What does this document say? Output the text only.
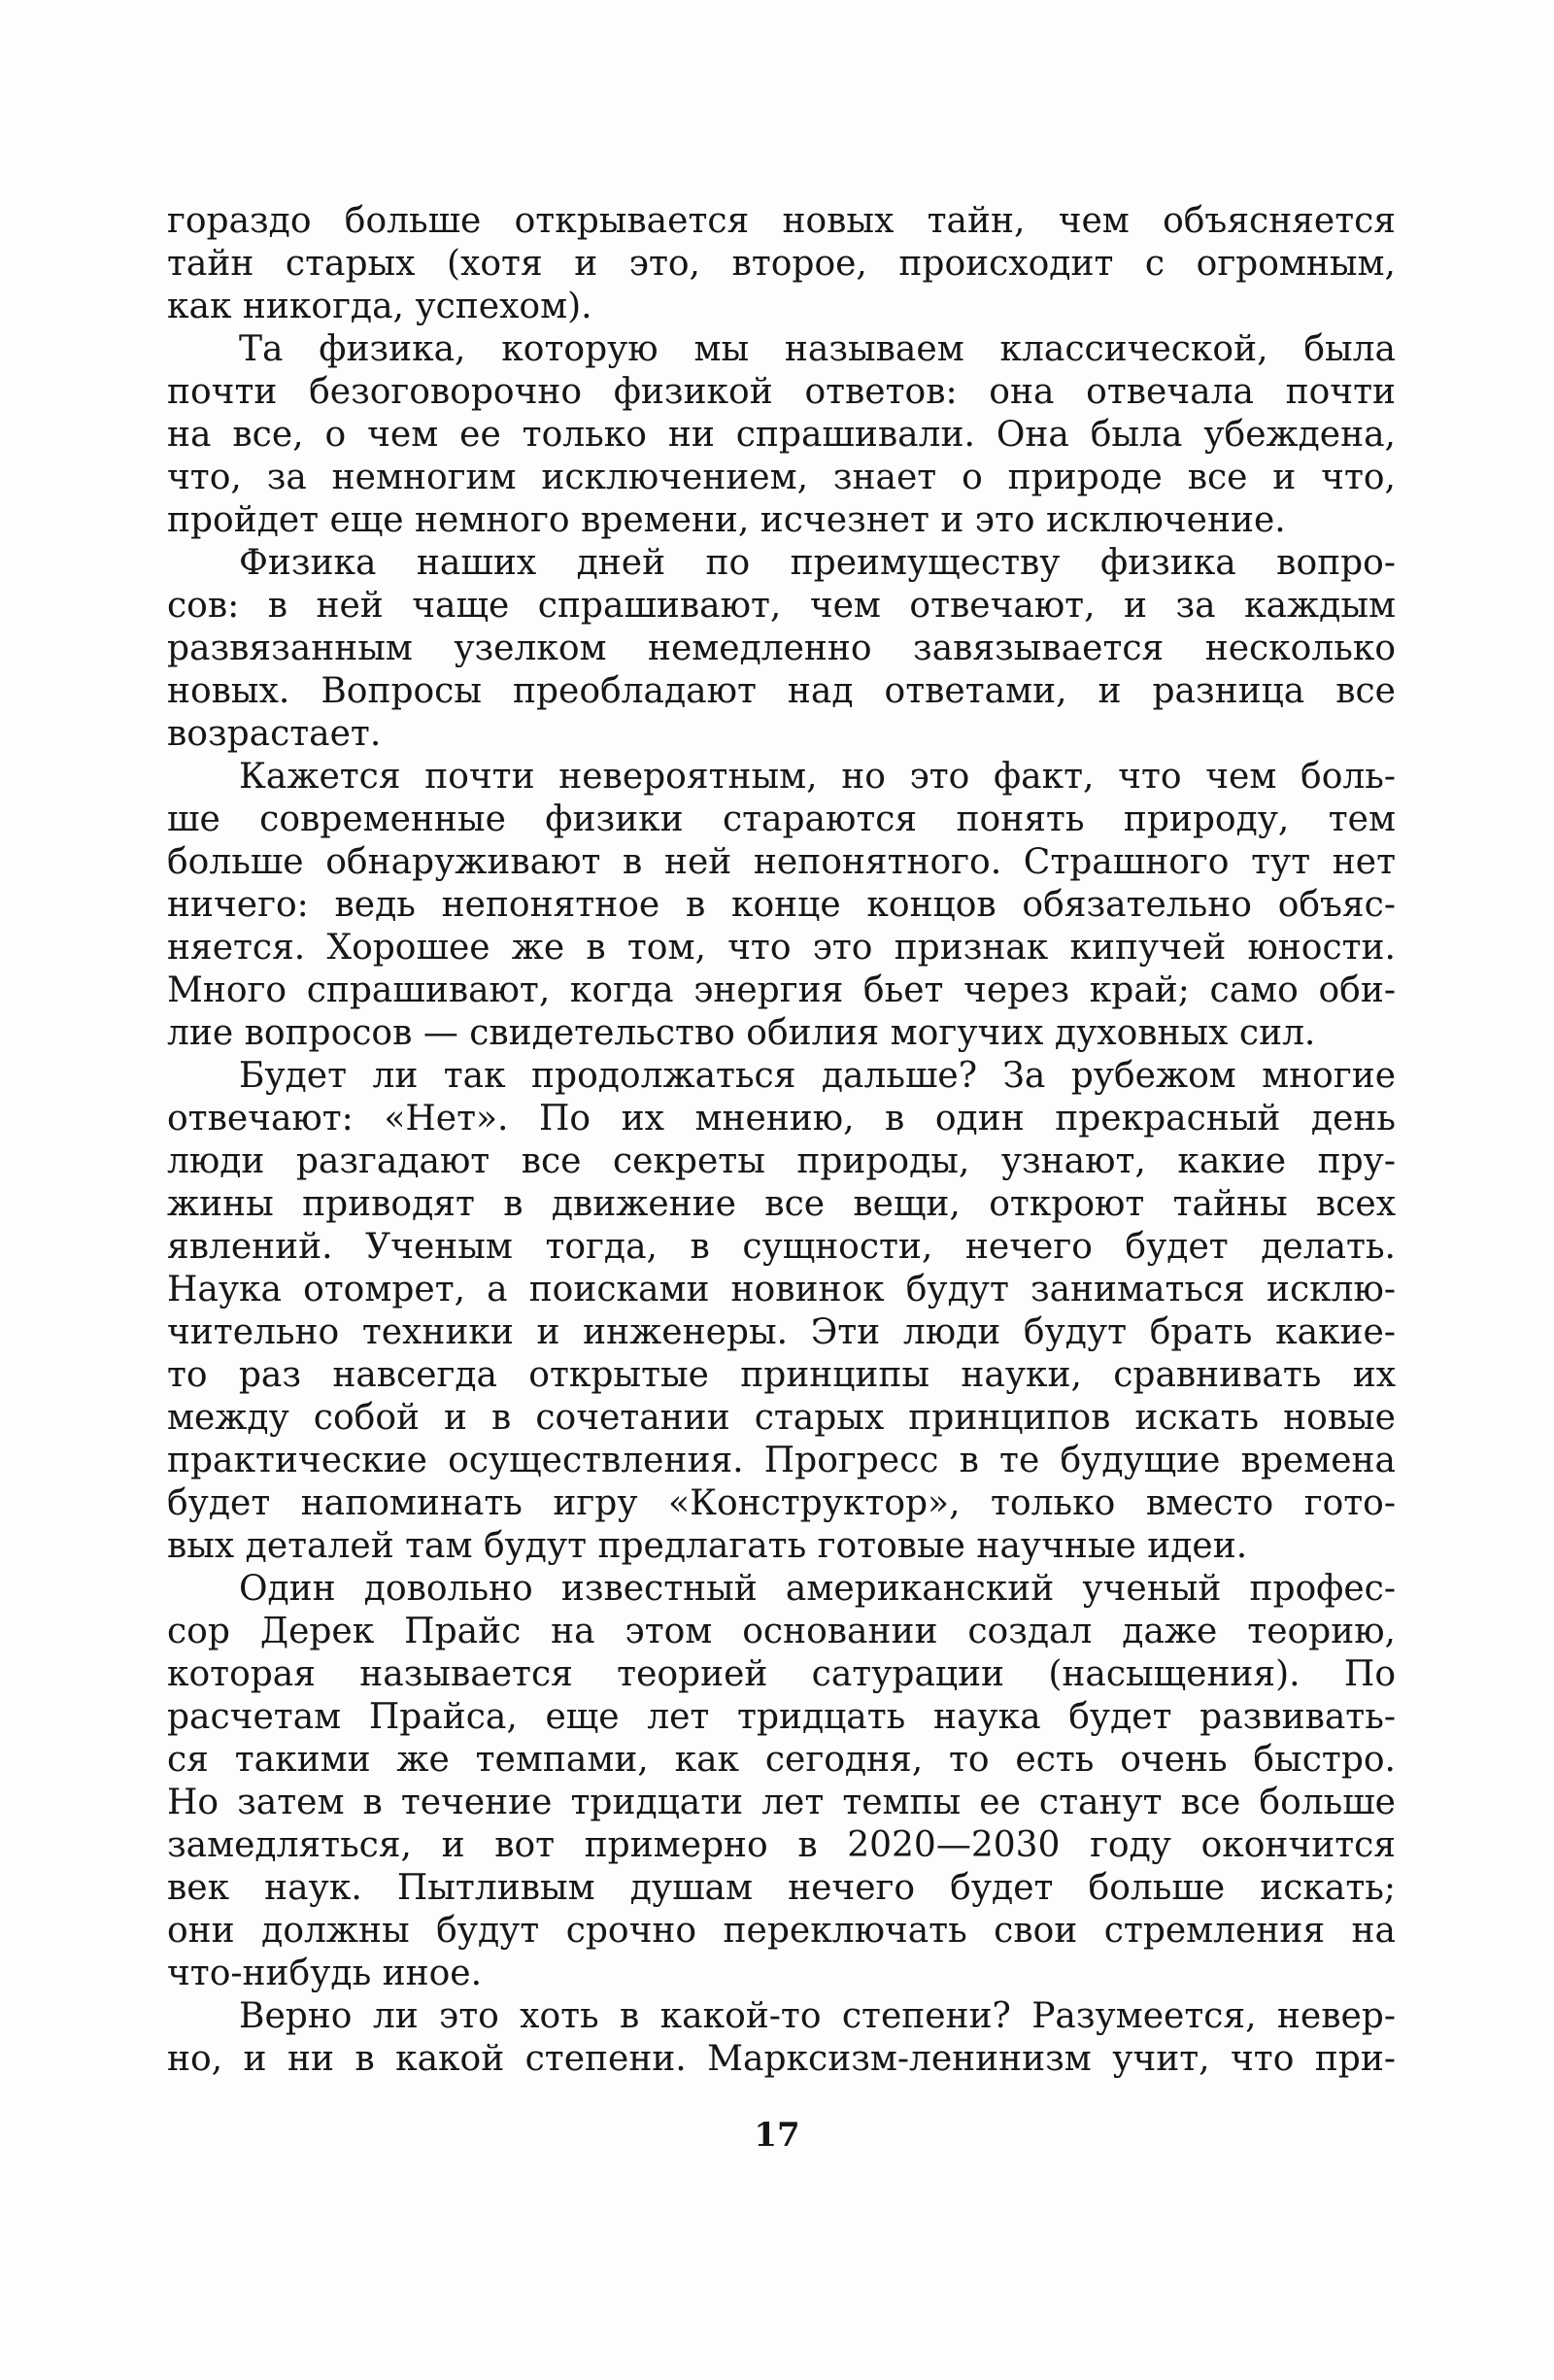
гораздо больше открывается новых тайн, чем объясняется
тайн старых (хотя и это, второе, происходит с огромным,
как никогда, успехом).
Та физика, которую мы называем классической, была
почти безоговорочно физикой ответов: она отвечала почти
на все, о чем ее только ни спрашивали. Она была убеждена,
что, за немногим исключением, знает о природе все и что,
пройдет еще немного времени, исчезнет и это исключение.
Физика наших дней по преимуществу физика вопро-
сов: в ней чаще спрашивают, чем отвечают, и за каждым
развязанным узелком немедленно завязывается несколько
новых. Вопросы преобладают над ответами, и разница все
возрастает.
Кажется почти невероятным, но это факт, что чем боль-
ше современные физики стараются понять природу, тем
больше обнаруживают в ней непонятного. Страшного тут нет
ничего: ведь непонятное в конце концов обязательно объяс-
няется. Хорошее же в том, что это признак кипучей юности.
Много спрашивают, когда энергия бьет через край; само оби-
лие вопросов — свидетельство обилия могучих духовных сил.
Будет ли так продолжаться дальше? За рубежом многие
отвечают: «Нет». По их мнению, в один прекрасный день
люди разгадают все секреты природы, узнают, какие пру-
жины приводят в движение все вещи, откроют тайны всех
явлений. Ученым тогда, в сущности, нечего будет делать.
Наука отомрет, а поисками новинок будут заниматься исклю-
чительно техники и инженеры. Эти люди будут брать какие-
то раз навсегда открытые принципы науки, сравнивать их
между собой и в сочетании старых принципов искать новые
практические осуществления. Прогресс в те будущие времена
будет напоминать игру «Конструктор», только вместо гото-
вых деталей там будут предлагать готовые научные идеи.
Один довольно известный американский ученый профес-
сор Дерек Прайс на этом основании создал даже теорию,
которая называется теорией сатурации (насыщения). По
расчетам Прайса, еще лет тридцать наука будет развивать-
ся такими же темпами, как сегодня, то есть очень быстро.
Но затем в течение тридцати лет темпы ее станут все больше
замедляться, и вот примерно в 2020—2030 году окончится
век наук. Пытливым душам нечего будет больше искать;
они должны будут срочно переключать свои стремления на
что-нибудь иное.
Верно ли это хоть в какой-то степени? Разумеется, невер-
но, и ни в какой степени. Марксизм-ленинизм учит, что при-
17
